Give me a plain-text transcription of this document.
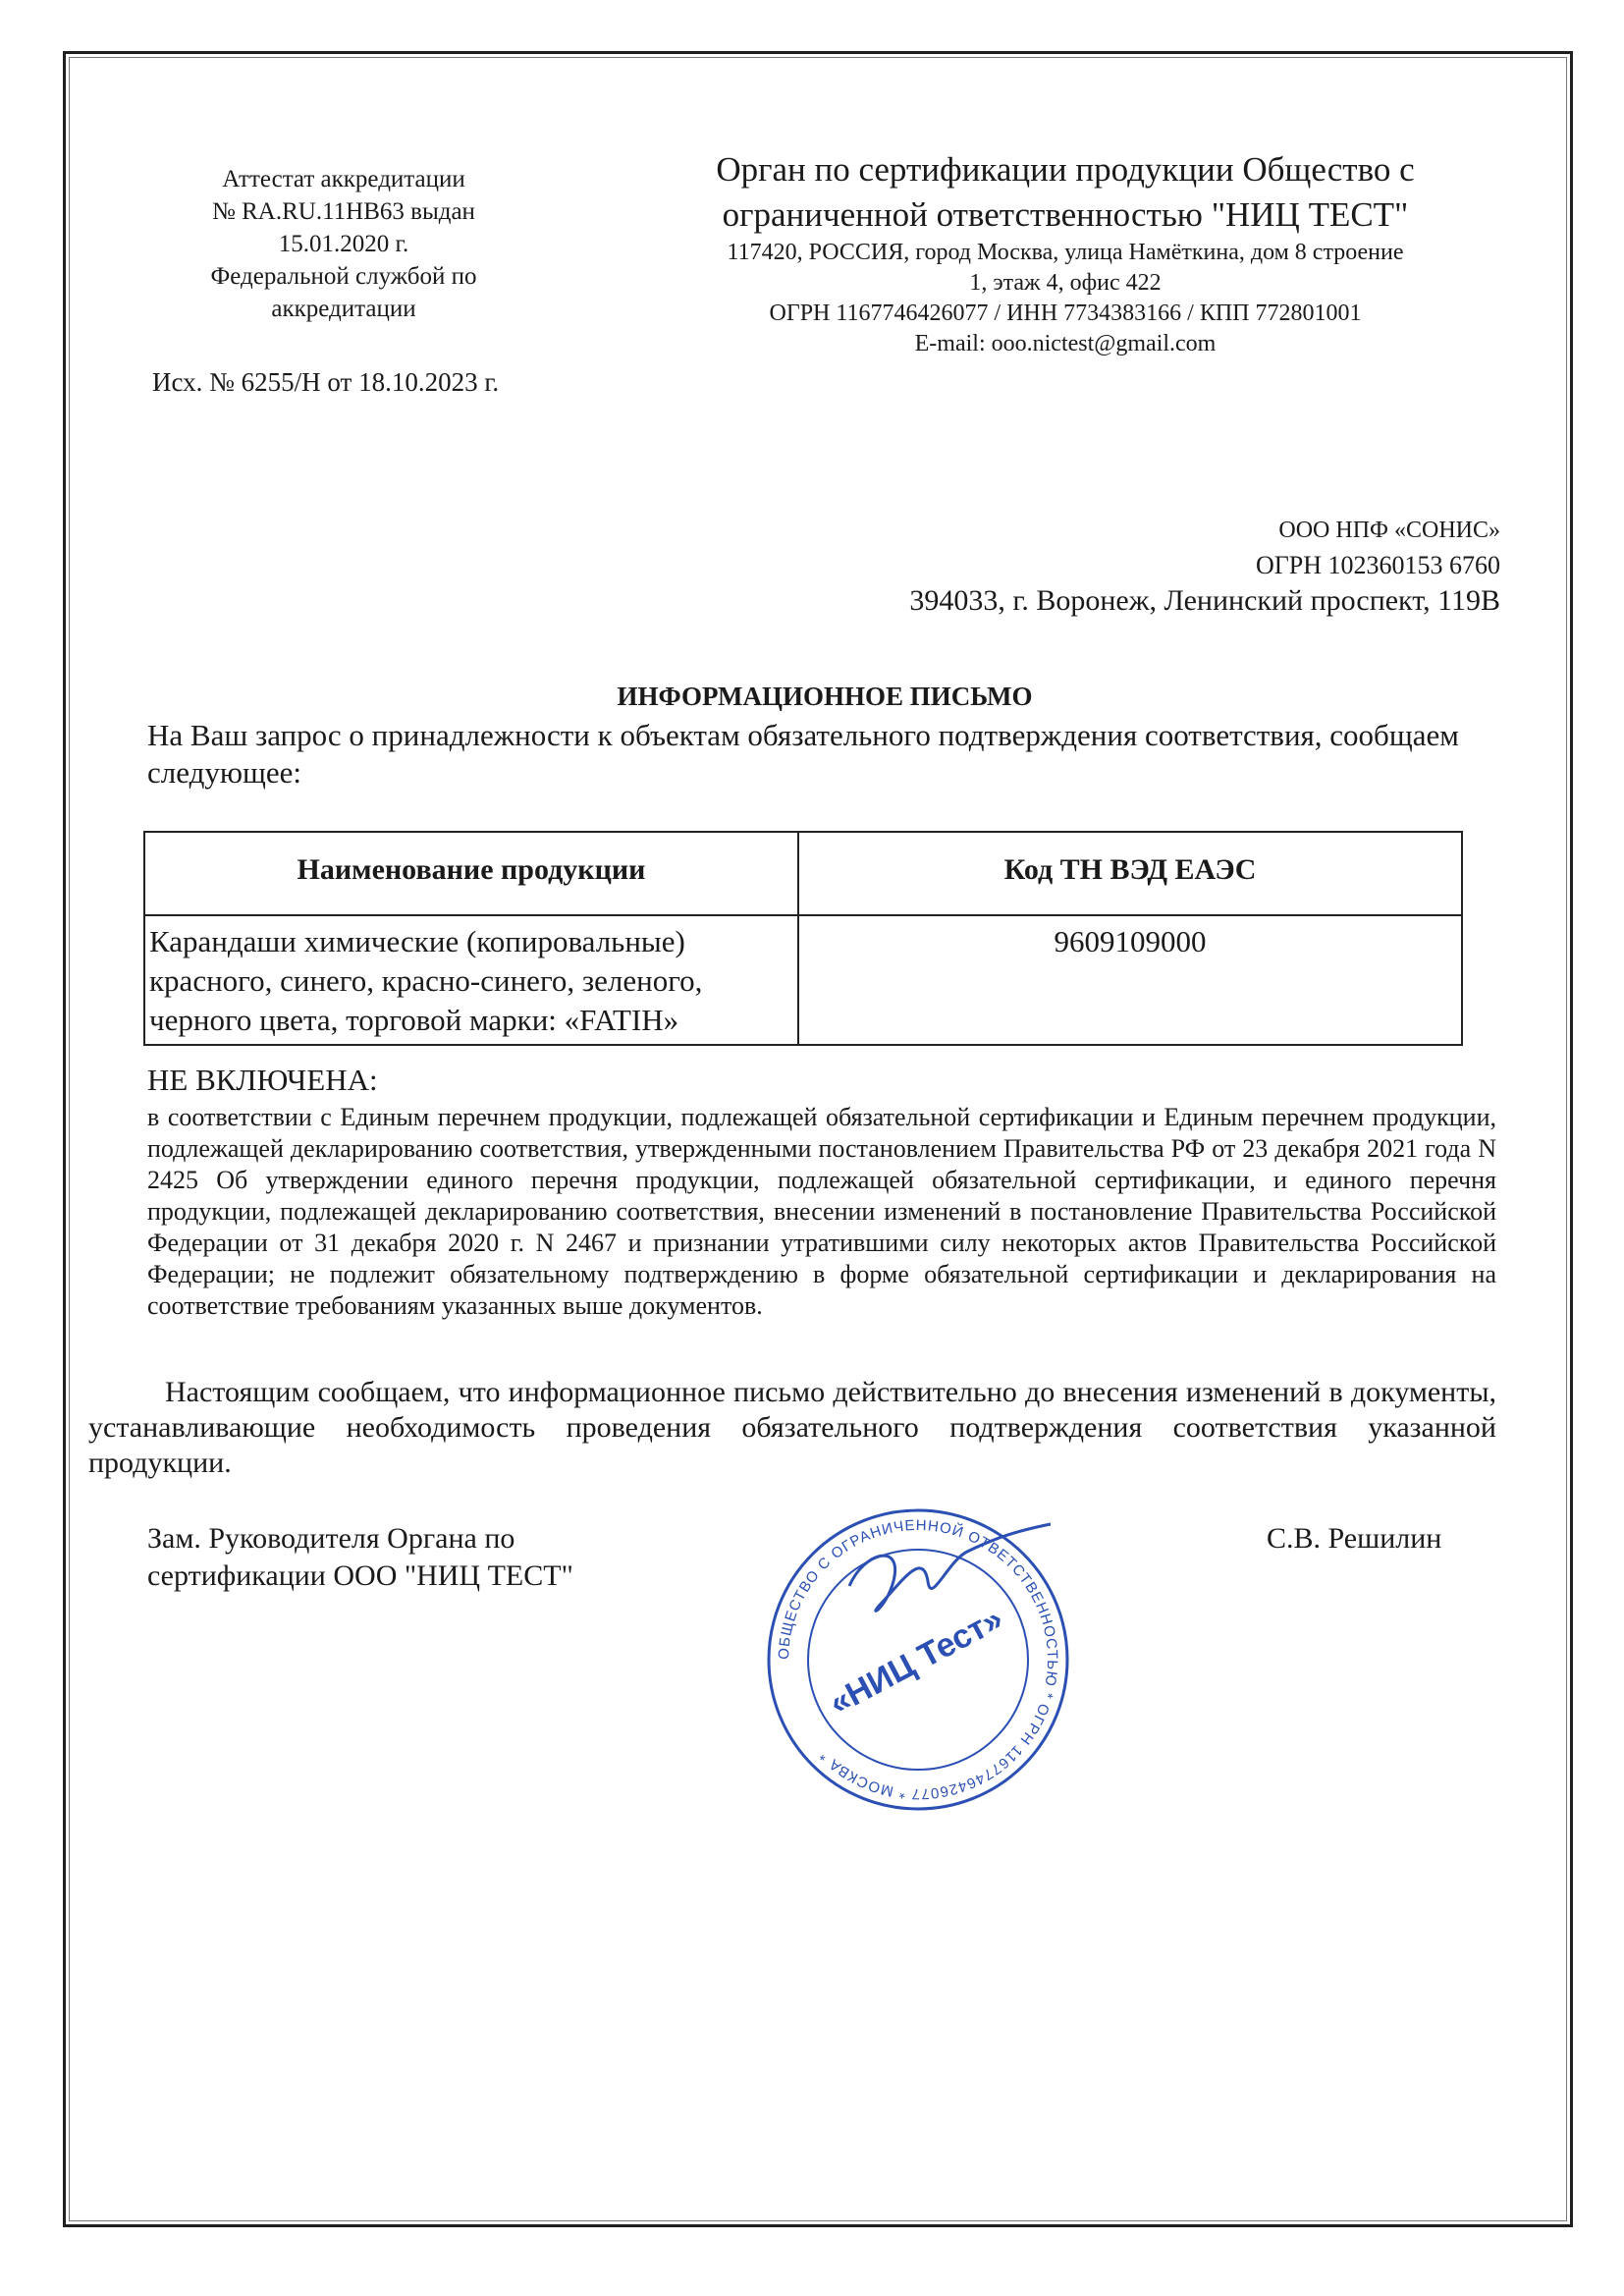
Аттестат аккредитации
№ RA.RU.11HB63 выдан
15.01.2020 г.
Федеральной службой по
аккредитации
Исх. № 6255/Н от 18.10.2023 г.
Орган по сертификации продукции Общество с
ограниченной ответственностью "НИЦ ТЕСТ"
117420, РОССИЯ, город Москва, улица Намёткина, дом 8 строение
1, этаж 4, офис 422
ОГРН 1167746426077 / ИНН 7734383166 / КПП 772801001
E-mail: ooo.nictest@gmail.com
ООО НПФ «СОНИС»
ОГРН 102360153 6760
394033, г. Воронеж, Ленинский проспект, 119В
ИНФОРМАЦИОННОЕ ПИСЬМО
На Ваш запрос о принадлежности к объектам обязательного подтверждения соответствия, сообщаем следующее:
Наименование продукции	Код ТН ВЭД ЕАЭС

Карандаши химические (копировальные)
красного, синего, красно-синего, зеленого,
черного цвета, торговой марки: «FATIH»	9609109000
НЕ ВКЛЮЧЕНА:
в соответствии с Единым перечнем продукции, подлежащей обязательной сертификации и Единым перечнем продукции, подлежащей декларированию соответствия, утвержденными постановлением Правительства РФ от 23 декабря 2021 года N 2425 Об утверждении единого перечня продукции, подлежащей обязательной сертификации, и единого перечня продукции, подлежащей декларированию соответствия, внесении изменений в постановление Правительства Российской Федерации от 31 декабря 2020 г. N 2467 и признании утратившими силу некоторых актов Правительства Российской Федерации; не подлежит обязательному подтверждению в форме обязательной сертификации и декларирования на соответствие требованиям указанных выше документов.
Настоящим сообщаем, что информационное письмо действительно до внесения изменений в документы, устанавливающие необходимость проведения обязательного подтверждения соответствия указанной продукции.
Зам. Руководителя Органа по
сертификации ООО "НИЦ ТЕСТ"
С.В. Решилин
ОБЩЕСТВО С ОГРАНИЧЕННОЙ ОТВЕТСТВЕННОСТЬЮ * ОГРН 1167746426077 * МОСКВА *
«НИЦ Тест»
